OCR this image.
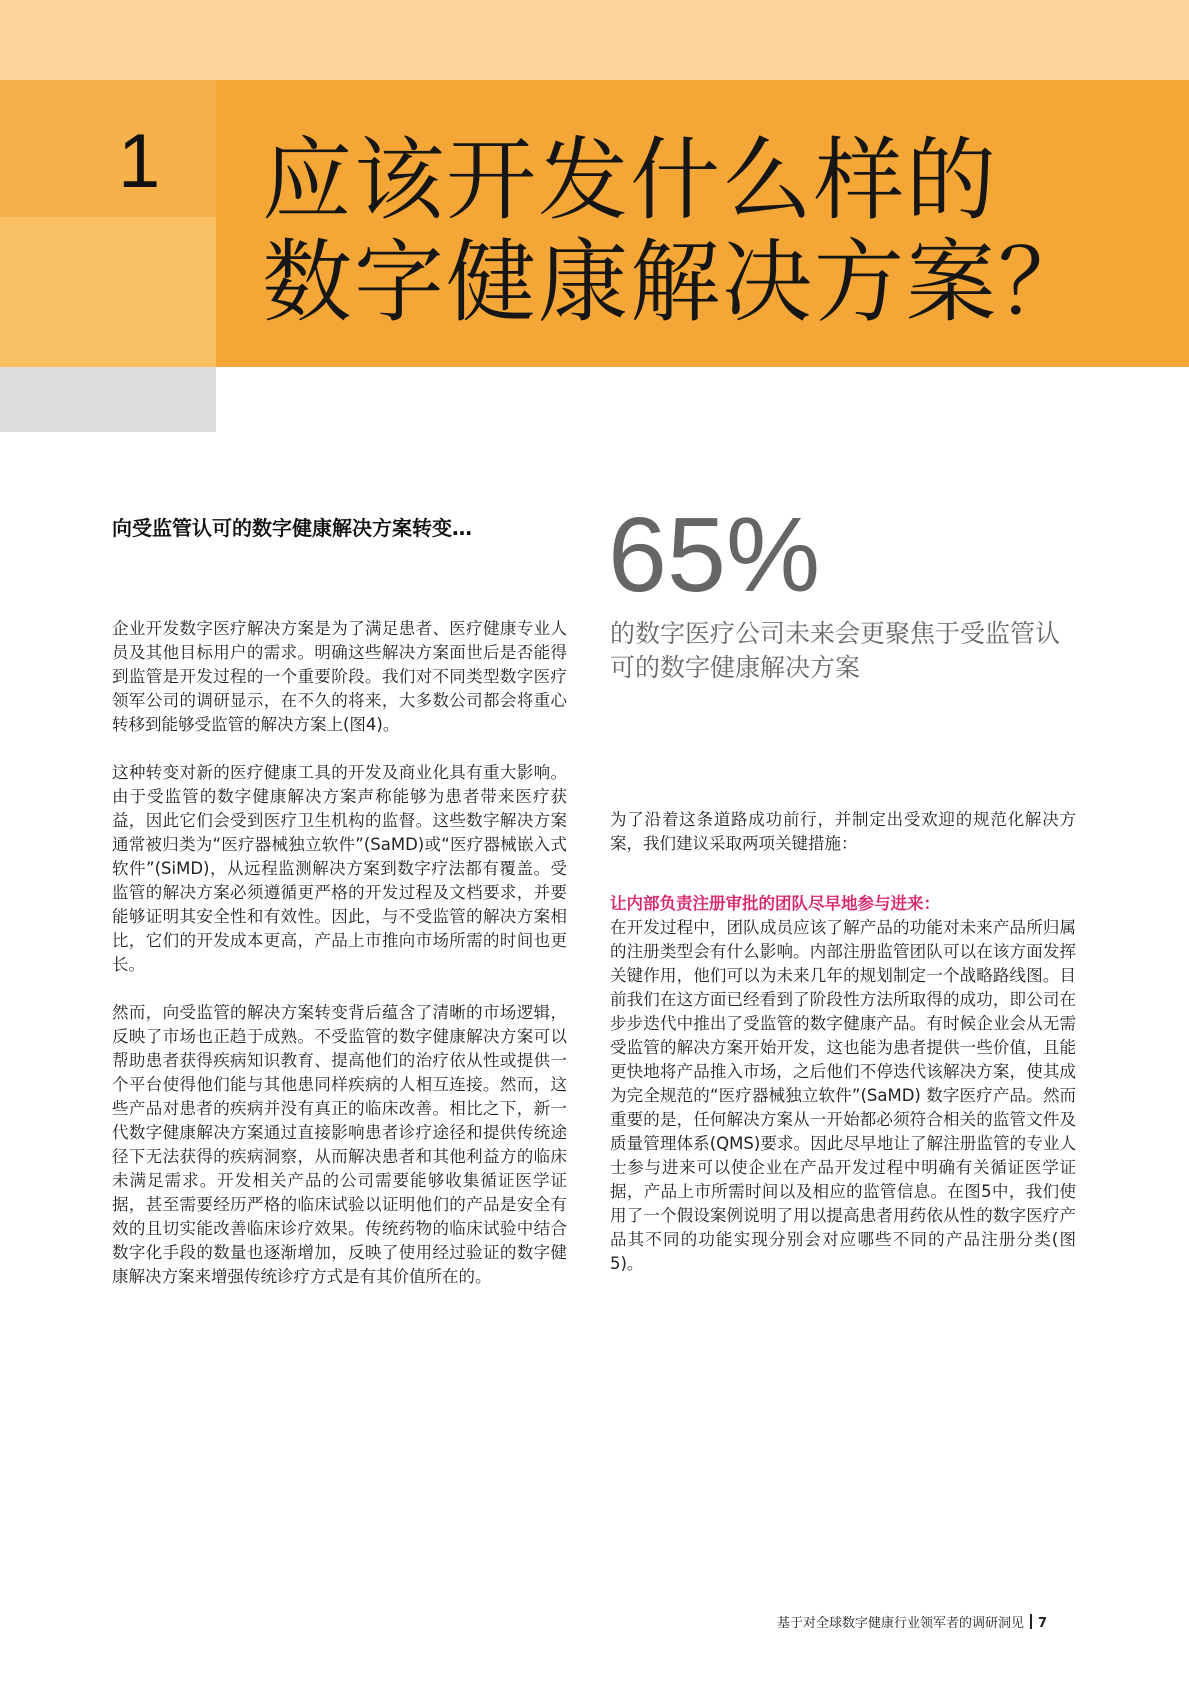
1 应该开发什么样的
数字健康解决方案？
向受监管认可的数字健康解决方案转变…

企业开发数字医疗解决方案是为了满足患者、医疗健康专业人员及其他目标用户的需求。明确这些解决方案面世后是否能得到监管是开发过程的一个重要阶段。我们对不同类型数字医疗领军公司的调研显示，在不久的将来，大多数公司都会将重心转移到能够受监管的解决方案上(图4)。

这种转变对新的医疗健康工具的开发及商业化具有重大影响。由于受监管的数字健康解决方案声称能够为患者带来医疗获益，因此它们会受到医疗卫生机构的监督。这些数字解决方案通常被归类为“医疗器械独立软件”(SaMD)或“医疗器械嵌入式软件”(SiMD)，从远程监测解决方案到数字疗法都有覆盖。受监管的解决方案必须遵循更严格的开发过程及文档要求，并要能够证明其安全性和有效性。因此，与不受监管的解决方案相比，它们的开发成本更高，产品上市推向市场所需的时间也更长。

然而，向受监管的解决方案转变背后蕴含了清晰的市场逻辑，反映了市场也正趋于成熟。不受监管的数字健康解决方案可以帮助患者获得疾病知识教育、提高他们的治疗依从性或提供一个平台使得他们能与其他患同样疾病的人相互连接。然而，这些产品对患者的疾病并没有真正的临床改善。相比之下，新一代数字健康解决方案通过直接影响患者诊疗途径和提供传统途径下无法获得的疾病洞察，从而解决患者和其他利益方的临床未满足需求。开发相关产品的公司需要能够收集循证医学证据，甚至需要经历严格的临床试验以证明他们的产品是安全有效的且切实能改善临床诊疗效果。传统药物的临床试验中结合数字化手段的数量也逐渐增加，反映了使用经过验证的数字健康解决方案来增强传统诊疗方式是有其价值所在的。

65%

的数字医疗公司未来会更聚焦于受监管认可的数字健康解决方案

为了沿着这条道路成功前行，并制定出受欢迎的规范化解决方案，我们建议采取两项关键措施：

让内部负责注册审批的团队尽早地参与进来：

在开发过程中，团队成员应该了解产品的功能对未来产品所归属的注册类型会有什么影响。内部注册监管团队可以在该方面发挥关键作用，他们可以为未来几年的规划制定一个战略路线图。目前我们在这方面已经看到了阶段性方法所取得的成功，即公司在步步迭代中推出了受监管的数字健康产品。有时候企业会从无需受监管的解决方案开始开发，这也能为患者提供一些价值，且能更快地将产品推入市场，之后他们不停迭代该解决方案，使其成为完全规范的“医疗器械独立软件”(SaMD) 数字医疗产品。然而重要的是，任何解决方案从一开始都必须符合相关的监管文件及质量管理体系(QMS)要求。因此尽早地让了解注册监管的专业人士参与进来可以使企业在产品开发过程中明确有关循证医学证据，产品上市所需时间以及相应的监管信息。在图5中，我们使用了一个假设案例说明了用以提高患者用药依从性的数字医疗产品其不同的功能实现分别会对应哪些不同的产品注册分类(图5)。

基于对全球数字健康行业领军者的调研洞见 7
